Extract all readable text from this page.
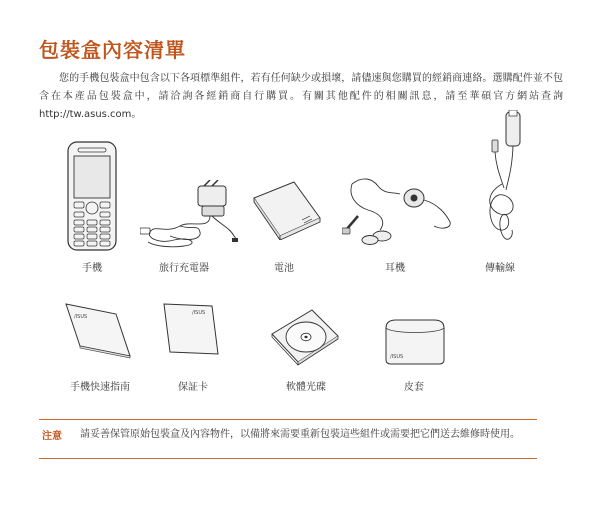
包裝盒內容清單
您的手機包裝盒中包含以下各項標準組件，若有任何缺少或損壞，請儘速與您購買的經銷商連絡。選購配件並不包含在本產品包裝盒中，請洽詢各經銷商自行購買。有關其他配件的相關訊息，請至華碩官方網站查詢 http://tw.asus.com。
手機	旅行充電器	電池	耳機	傳輸線
/ISUS
手機快速指南
/ISUS
保証卡	軟體光碟
/ISUS
皮套
注意 請妥善保管原始包裝盒及內容物件，以備將來需要重新包裝這些組件或需要把它們送去維修時使用。
